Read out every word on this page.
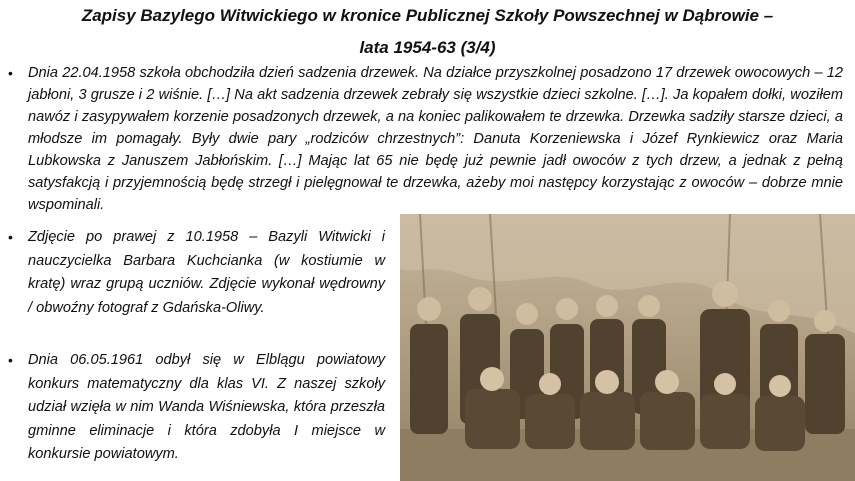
Zapisy Bazylego Witwickiego w kronice Publicznej Szkoły Powszechnej w Dąbrowie –
lata 1954-63 (3/4)
• Dnia 22.04.1958 szkoła obchodziła dzień sadzenia drzewek. Na działce przyszkolnej posadzono 17 drzewek owocowych – 12 jabłoni, 3 grusze i 2 wiśnie. […] Na akt sadzenia drzewek zebrały się wszystkie dzieci szkolne. […]. Ja kopałem dołki, woziłem nawóz i zasypywałem korzenie posadzonych drzewek, a na koniec palikowałem te drzewka. Drzewka sadziły starsze dzieci, a młodsze im pomagały. Były dwie pary „rodziców chrzestnych”: Danuta Korzeniewska i Józef Rynkiewicz oraz Maria Lubkowska z Januszem Jabłońskim. […] Mając lat 65 nie będę już pewnie jadł owoców z tych drzew, a jednak z pełną satysfakcją i przyjemnością będę strzegł i pielęgnował te drzewka, ażeby moi następcy korzystając z owoców – dobrze mnie wspominali.

• Zdjęcie po prawej z 10.1958 – Bazyli Witwicki i nauczycielka Barbara Kuchcianka (w kostiumie w kratę) wraz grupą uczniów. Zdjęcie wykonał wędrowny / obwoźny fotograf z Gdańska-Oliwy.

• Dnia 06.05.1961 odbył się w Elblągu powiatowy konkurs matematyczny dla klas VI. Z naszej szkoły udział wzięła w nim Wanda Wiśniewska, która przeszła gminne eliminacje i która zdobyła I miejsce w konkursie powiatowym.
